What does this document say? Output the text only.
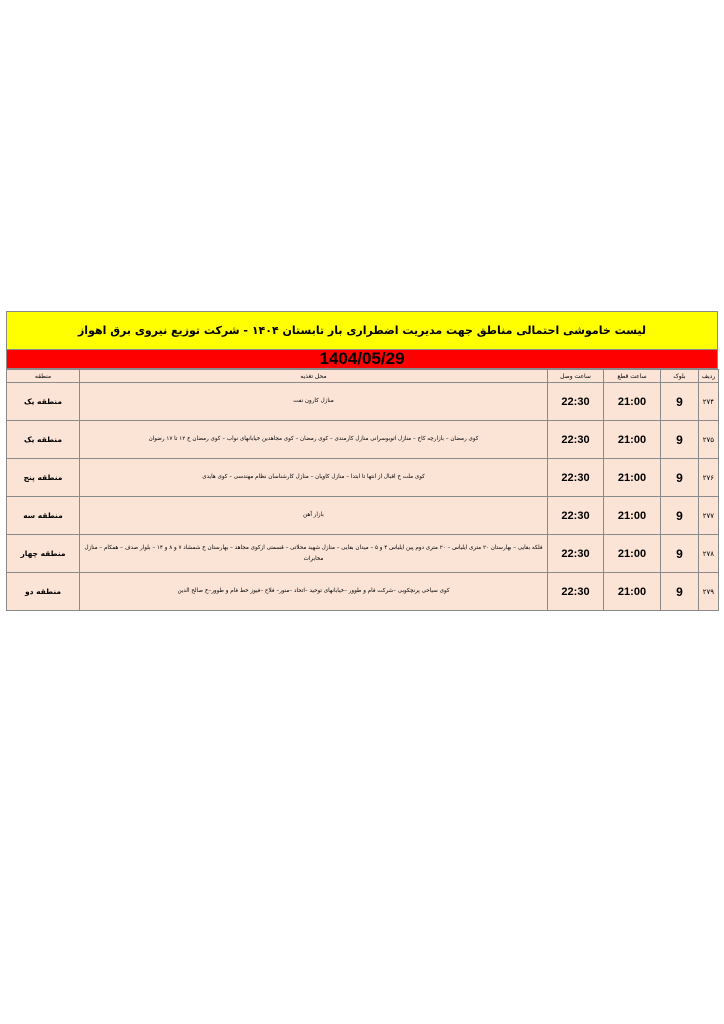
لیست خاموشی احتمالی مناطق جهت مدیریت اضطراری بار تابستان ۱۴۰۴ - شرکت توزیع نیروی برق اهواز
1404/05/29
ردیف	بلوک	ساعت قطع	ساعت وصل	محل تغذیه	منطقه
۲۷۴	9	21:00	22:30	منازل کارون نفت	منطقه یک
۲۷۵	9	21:00	22:30	کوی رمضان – بازارچه کاخ – منازل اتوبوسرانی منازل کارمندی – کوی رمضان – کوی مجاهدین خیابانهای نواب – کوی رمضان خ ۱۲ تا ۱۷ رضوان	منطقه یک
۲۷۶	9	21:00	22:30	کوی ملت خ اقبال از انتها تا ابتدا – منازل کاویان – منازل کارشناسان نظام مهندسی – کوی هایدی	منطقه پنج
۲۷۷	9	21:00	22:30	بازار آهن	منطقه سه
۲۷۸	9	21:00	22:30	فلکه بقایی – بهارستان ۲۰ متری ایلیاس – ۲۰ متری دوم پین ایلیاس ۴ و ۵ – میدان بقایی – منازل شهید محلاتی – قسمتی ازکوی مجاهد – بهارستان خ شمشاد ۷ و ۸ و ۱۴ – بلوار صدف – همکام – منازل مخابرات	منطقه چهار
۲۷۹	9	21:00	22:30	کوی سیاحی پرنچکوبی –شرکت فام و طوور –خیابانهای توحید –اتحاد –منور– فلاح –فیوز خط فام و طوور–خ صالح الدین	منطقه دو
